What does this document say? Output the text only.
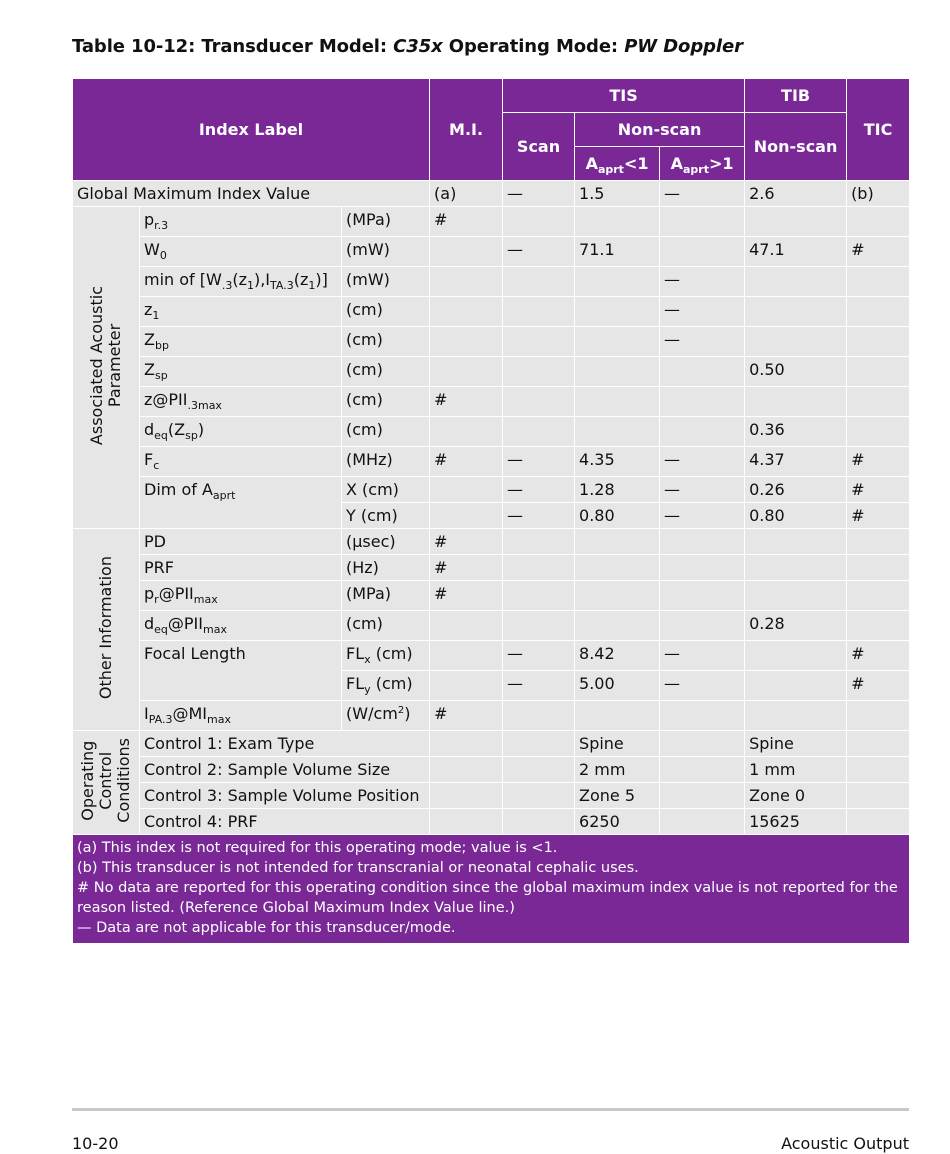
Table 10-12: Transducer Model: C35x Operating Mode: PW Doppler
Index Label			M.I.	TIS			TIB	TIC
				Scan	Non-scan		Non-scan	
					$A_{aprt}<1$	$A_{aprt}>1$		
Global Maximum Index Value			(a)	—	1.5	—	2.6	(b)
Associated Acoustic
Parameter	$p_{r.3}$	(MPa)	#					
	$W_0$	(mW)		—	71.1		47.1	#
	min of $[W_{.3}(z_1),I_{TA.3}(z_1)]$	(mW)				—		
	$z_1$	(cm)				—		
	$Z_{bp}$	(cm)				—		
	$Z_{sp}$	(cm)					0.50	
	$z@PII_{.3max}$	(cm)	#					
	$d_{eq}(Z_{sp})$	(cm)					0.36	
	$F_c$	(MHz)	#	—	4.35	—	4.37	#
	Dim of $A_{aprt}$	X (cm)		—	1.28	—	0.26	#
		Y (cm)		—	0.80	—	0.80	#
Other Information	PD	(µsec)	#					
	PRF	(Hz)	#					
	$p_r@PII_{max}$	(MPa)	#					
	$d_{eq}@PII_{max}$	(cm)					0.28	
	Focal Length	$FL_x$ (cm)		—	8.42	—		#
		$FL_y$ (cm)		—	5.00	—		#
	$I_{PA.3}@MI_{max}$	$(W/cm^2)$	#					
Operating
Control
Conditions	Control 1: Exam Type				Spine		Spine	
	Control 2: Sample Volume Size				2 mm		1 mm	
	Control 3: Sample Volume Position				Zone 5		Zone 0	
	Control 4: PRF				6250		15625	

(a) This index is not required for this operating mode; value is <1.
(b) This transducer is not intended for transcranial or neonatal cephalic uses.
# No data are reported for this operating condition since the global maximum index value is not reported for the reason listed. (Reference Global Maximum Index Value line.)
— Data are not applicable for this transducer/mode.								
10-20	Acoustic Output
